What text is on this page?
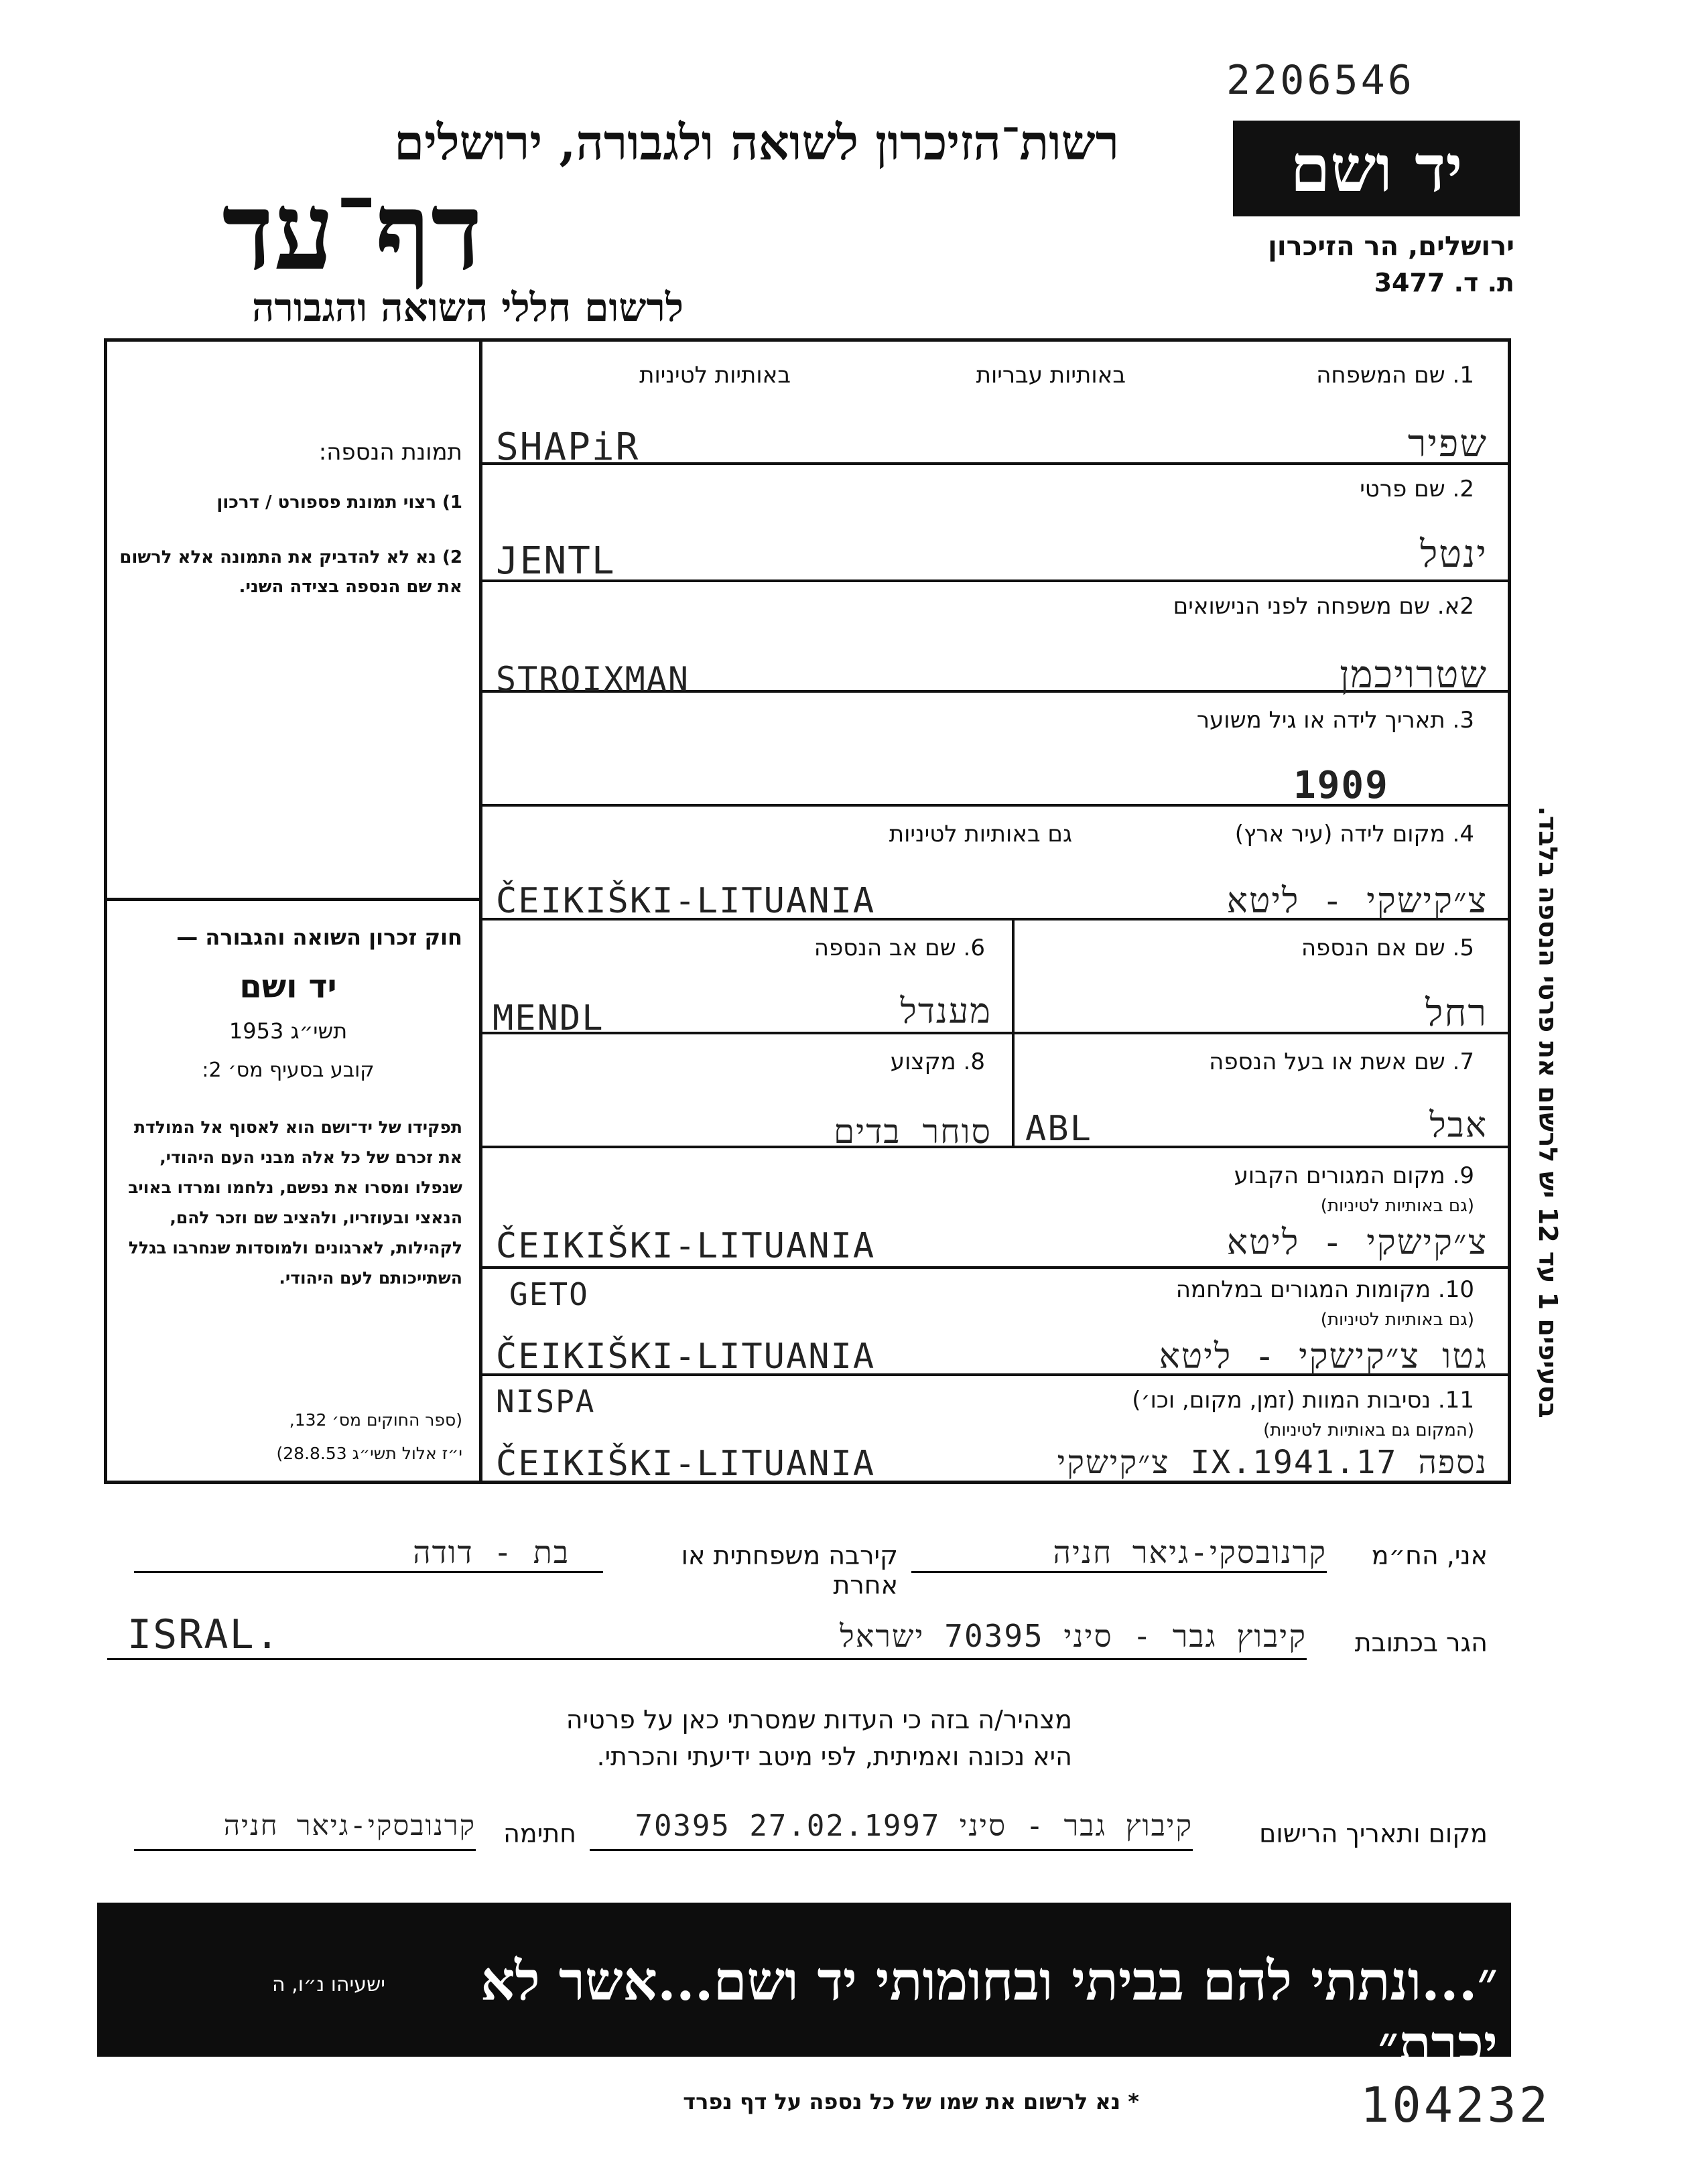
2206546
יד ושם
ירושלים, הר הזיכרון
ת. ד. 3477
רשות־הזיכרון לשואה ולגבורה, ירושלים
דף־עד
לרשום חללי השואה והגבורה
תמונת הנספה:
1) רצוי תמונת פספורט / דרכון
2) נא לא להדביק את התמונה אלא לרשום את שם הנספה בצידה השני.
חוק זכרון השואה והגבורה —
יד ושם
תשי״ג 1953
קובע בסעיף מס׳ 2:
תפקידו של יד־ושם הוא לאסוף אל המולדת את זכרם של כל אלה מבני העם היהודי, שנפלו ומסרו את נפשם, נלחמו ומרדו באויב הנאצי ובעוזריו, ולהציב שם וזכר להם, לקהילות, לארגונים ולמוסדות שנחרבו בגלל השתייכותם לעם היהודי.
(ספר החוקים מס׳ 132,
י״ז אלול תשי״ג 28.8.53)
1. שם המשפחה
באותיות עבריות
באותיות לטיניות
SHAPiR	שפיר
2. שם פרטי
JENTL	ינטל
2א. שם משפחה לפני הנישואים
STROIXMAN	שטרויכמן
3. תאריך לידה או גיל משוער
1909
4. מקום לידה (עיר ארץ)
גם באותיות לטיניות
ČEIKIŠKI-LITUANIA	צ״קישקי - ליטא
5. שם אם הנספה
רחל
6. שם אב הנספה
MENDL	מענדל
7. שם אשת או בעל הנספה
ABL	אבל
8. מקצוע
סוחר בדים
9. מקום המגורים הקבוע
(גם באותיות לטיניות)
ČEIKIŠKI-LITUANIA	צ״קישקי - ליטא
10. מקומות המגורים במלחמה
(גם באותיות לטיניות)
GETO
ČEIKIŠKI-LITUANIA	גטו צ״קישקי - ליטא
11. נסיבות המוות (זמן, מקום, וכו׳)
(המקום גם באותיות לטיניות)
NISPA
ČEIKIŠKI-LITUANIA	נספה 17.IX.1941 צ״קישקי
בסעיפים 1 עד 12 יש לרשום את פרטי הנספה בלבד.
אני, הח״מ
קרנובסקי-גיאר חניה
קירבה משפחתית או אחרת
בת - דודה
הגר בכתובת
קיבוץ גבר - סיני 70395 ישראל
ISRAL.
מצהיר/ה בזה כי העדות שמסרתי כאן על פרטיה
היא נכונה ואמיתית, לפי מיטב ידיעתי והכרתי.
מקום ותאריך הרישום
קיבוץ גבר - סיני 27.02.1997 70395
חתימה
קרנובסקי-גיאר חניה
״...ונתתי להם בביתי ובחומותי יד ושם...אשר לא יכרת״
ישעיהו נ״ו, ה
* נא לרשום את שמו של כל נספה על דף נפרד	104232
